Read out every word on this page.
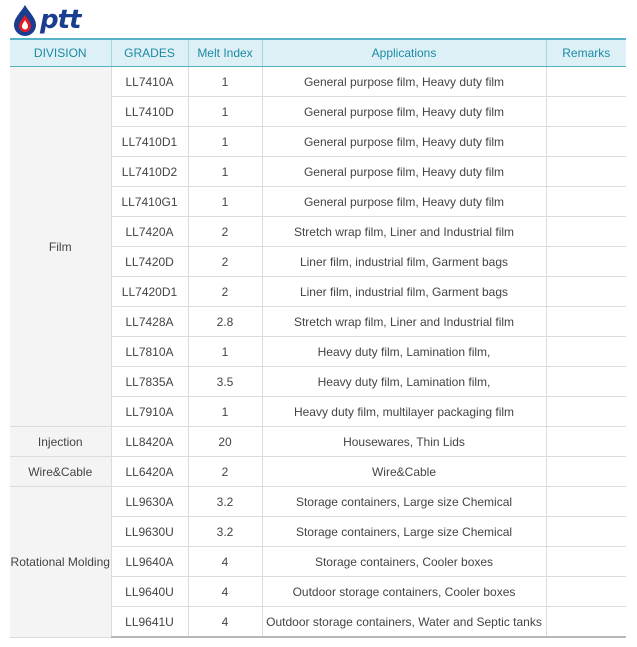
ptt
DIVISION	GRADES	Melt Index	Applications	Remarks
Film	LL7410A	1	General purpose film, Heavy duty film	
	LL7410D	1	General purpose film, Heavy duty film	
	LL7410D1	1	General purpose film, Heavy duty film	
	LL7410D2	1	General purpose film, Heavy duty film	
	LL7410G1	1	General purpose film, Heavy duty film	
	LL7420A	2	Stretch wrap film, Liner and Industrial film	
	LL7420D	2	Liner film, industrial film, Garment bags	
	LL7420D1	2	Liner film, industrial film, Garment bags	
	LL7428A	2.8	Stretch wrap film, Liner and Industrial film	
	LL7810A	1	Heavy duty film, Lamination film,	
	LL7835A	3.5	Heavy duty film, Lamination film,	
	LL7910A	1	Heavy duty film, multilayer packaging film	
Injection	LL8420A	20	Housewares, Thin Lids	
Wire&Cable	LL6420A	2	Wire&Cable	
Rotational Molding	LL9630A	3.2	Storage containers, Large size Chemical	
	LL9630U	3.2	Storage containers, Large size Chemical	
	LL9640A	4	Storage containers, Cooler boxes	
	LL9640U	4	Outdoor storage containers, Cooler boxes	
	LL9641U	4	Outdoor storage containers, Water and Septic tanks	
